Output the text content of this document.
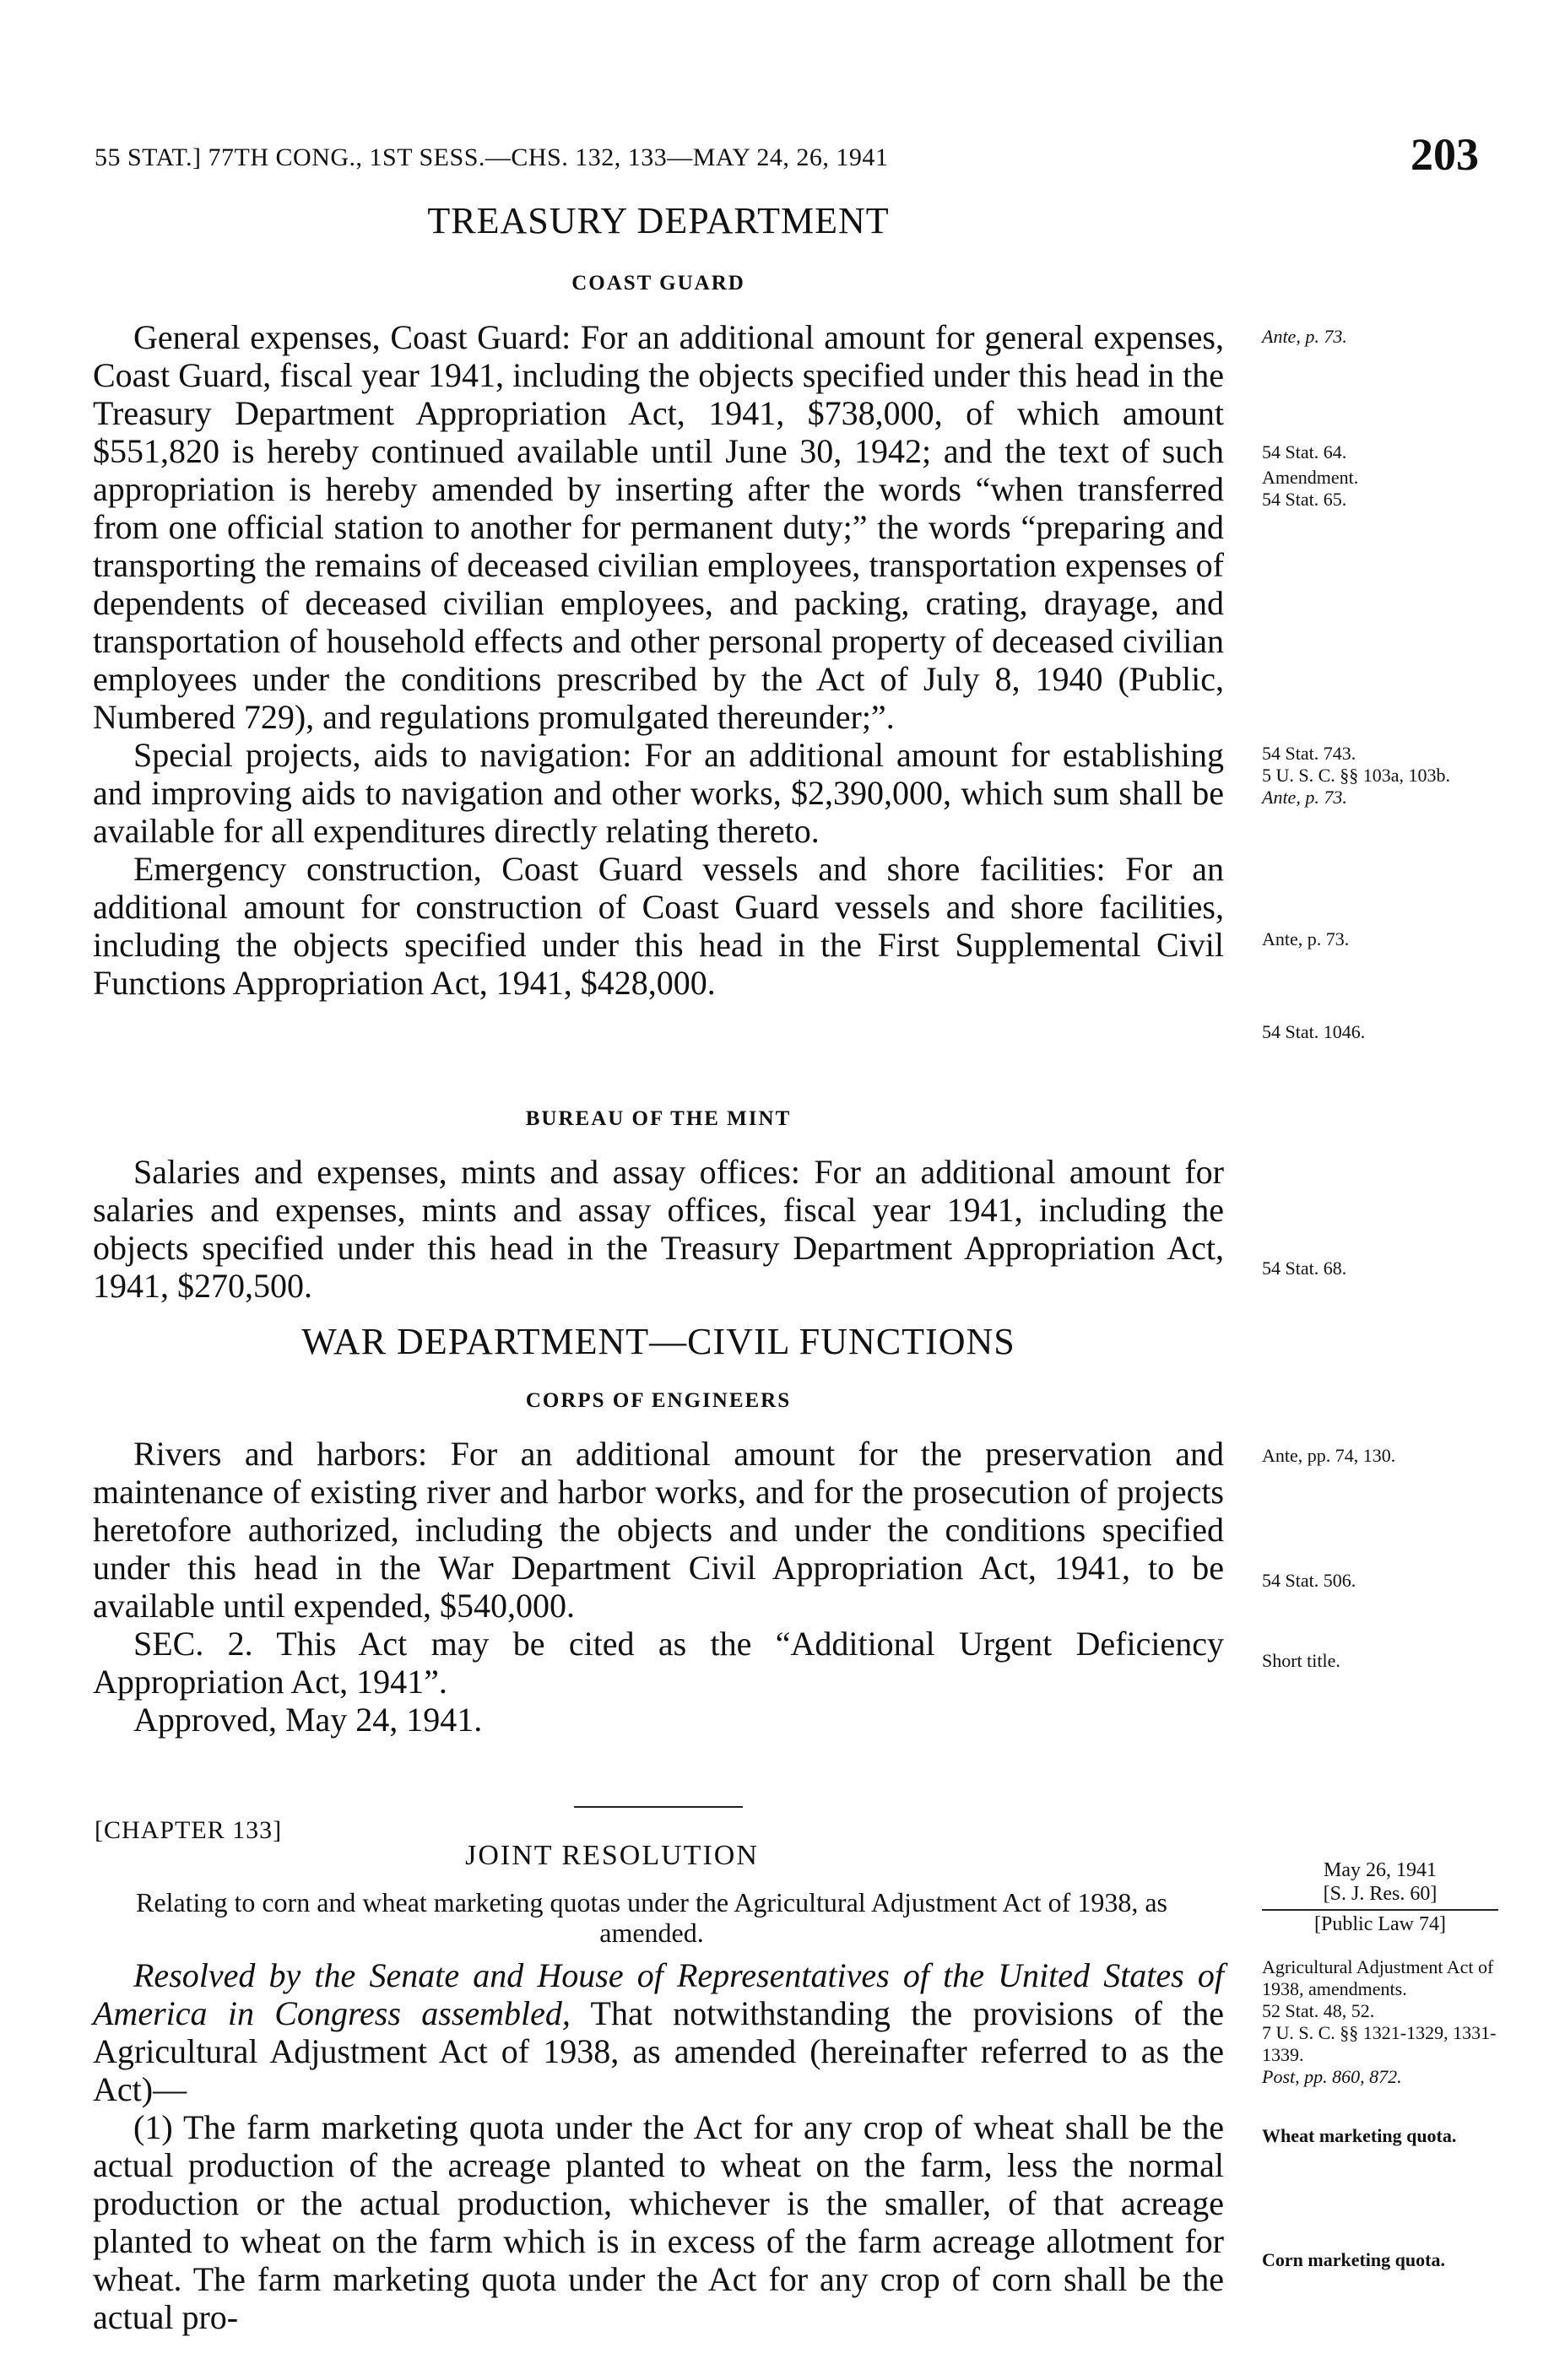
55 STAT.] 77TH CONG., 1ST SESS.—CHS. 132, 133—MAY 24, 26, 1941	203

TREASURY DEPARTMENT

COAST GUARD

General expenses, Coast Guard: For an additional amount for general expenses, Coast Guard, fiscal year 1941, including the objects specified under this head in the Treasury Department Appropriation Act, 1941, $738,000, of which amount $551,820 is hereby continued available until June 30, 1942; and the text of such appropriation is hereby amended by inserting after the words “when transferred from one official station to another for permanent duty;” the words “preparing and transporting the remains of deceased civilian employees, transportation expenses of dependents of deceased civilian employees, and packing, crating, drayage, and transportation of household effects and other personal property of deceased civilian employees under the conditions prescribed by the Act of July 8, 1940 (Public, Numbered 729), and regulations promulgated thereunder;”.

Special projects, aids to navigation: For an additional amount for establishing and improving aids to navigation and other works, $2,390,000, which sum shall be available for all expenditures directly relating thereto.

Emergency construction, Coast Guard vessels and shore facilities: For an additional amount for construction of Coast Guard vessels and shore facilities, including the objects specified under this head in the First Supplemental Civil Functions Appropriation Act, 1941, $428,000.

BUREAU OF THE MINT

Salaries and expenses, mints and assay offices: For an additional amount for salaries and expenses, mints and assay offices, fiscal year 1941, including the objects specified under this head in the Treasury Department Appropriation Act, 1941, $270,500.

WAR DEPARTMENT—CIVIL FUNCTIONS

CORPS OF ENGINEERS

Rivers and harbors: For an additional amount for the preservation and maintenance of existing river and harbor works, and for the prosecution of projects heretofore authorized, including the objects and under the conditions specified under this head in the War Department Civil Appropriation Act, 1941, to be available until expended, $540,000.

SEC. 2. This Act may be cited as the “Additional Urgent Deficiency Appropriation Act, 1941”.

Approved, May 24, 1941.

[CHAPTER 133]
JOINT RESOLUTION
Relating to corn and wheat marketing quotas under the Agricultural Adjustment Act of 1938, as amended.
May 26, 1941
[S. J. Res. 60]
[Public Law 74]

Resolved by the Senate and House of Representatives of the United States of America in Congress assembled, That notwithstanding the provisions of the Agricultural Adjustment Act of 1938, as amended (hereinafter referred to as the Act)—

(1) The farm marketing quota under the Act for any crop of wheat shall be the actual production of the acreage planted to wheat on the farm, less the normal production or the actual production, whichever is the smaller, of that acreage planted to wheat on the farm which is in excess of the farm acreage allotment for wheat. The farm marketing quota under the Act for any crop of corn shall be the actual pro-

Ante, p. 73.
54 Stat. 64.
Amendment.
54 Stat. 65.
54 Stat. 743.
5 U. S. C. §§ 103a, 103b.
Ante, p. 73.
Ante, p. 73.
54 Stat. 1046.
54 Stat. 68.
Ante, pp. 74, 130.
54 Stat. 506.
Short title.
Agricultural Adjustment Act of 1938, amendments.
52 Stat. 48, 52.
7 U. S. C. §§ 1321-1329, 1331-1339.
Post, pp. 860, 872.
Wheat marketing quota.
Corn marketing quota.
